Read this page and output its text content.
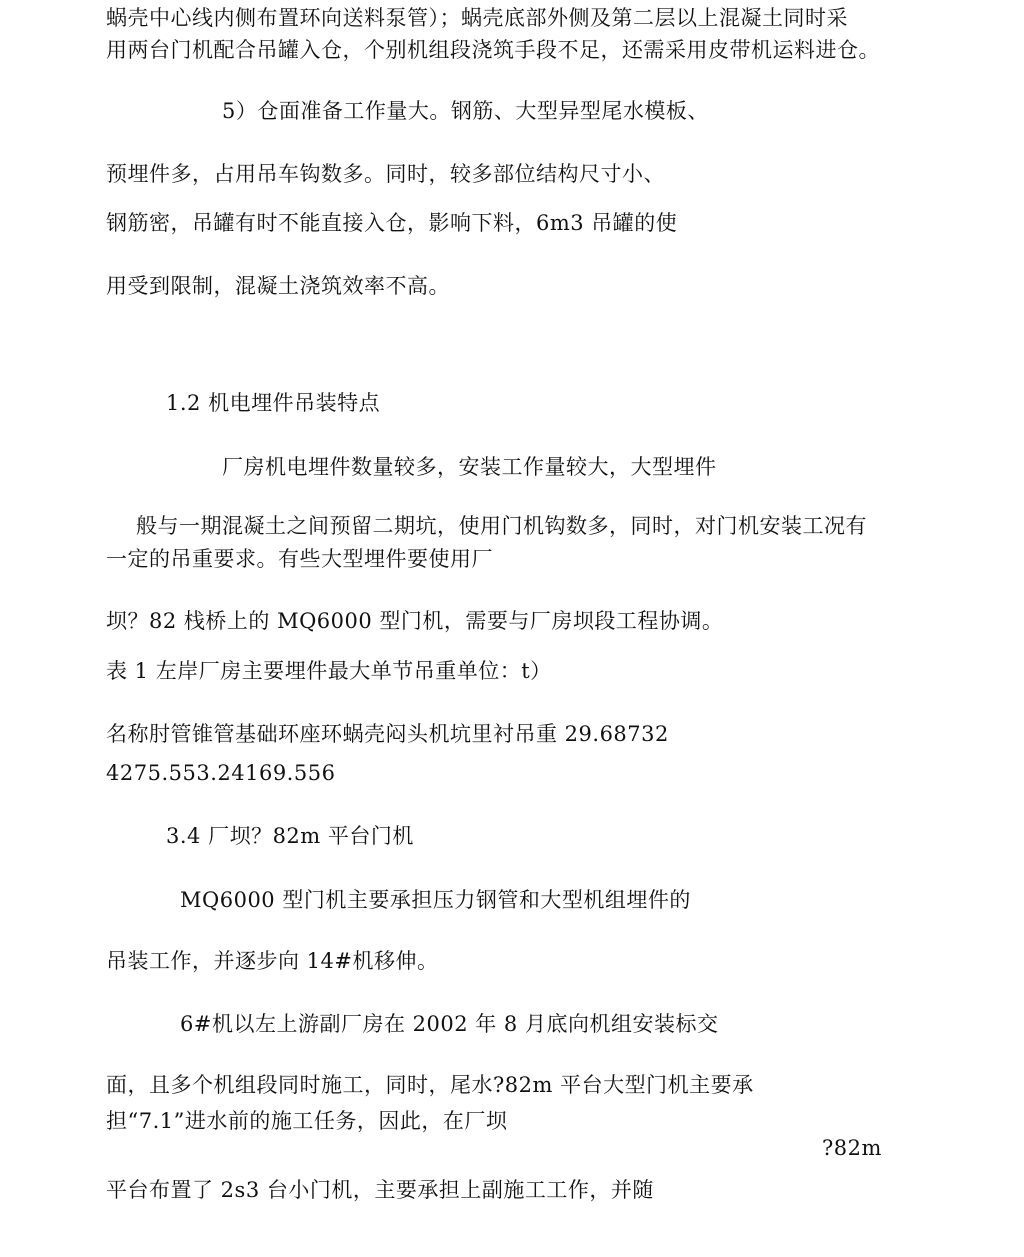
蜗壳中心线内侧布置环向送料泵管）；蜗壳底部外侧及第二层以上混凝土同时采
用两台门机配合吊罐入仓，个别机组段浇筑手段不足，还需采用皮带机运料进仓。
5）仓面准备工作量大。钢筋、大型异型尾水模板、
预埋件多，占用吊车钩数多。同时，较多部位结构尺寸小、
钢筋密，吊罐有时不能直接入仓，影响下料，6m3 吊罐的使
用受到限制，混凝土浇筑效率不高。
1.2 机电埋件吊装特点
厂房机电埋件数量较多，安装工作量较大，大型埋件
般与一期混凝土之间预留二期坑，使用门机钩数多，同时，对门机安装工况有
一定的吊重要求。有些大型埋件要使用厂
坝？82 栈桥上的 MQ6000 型门机，需要与厂房坝段工程协调。
表 1 左岸厂房主要埋件最大单节吊重单位：t）
名称肘管锥管基础环座环蜗壳闷头机坑里衬吊重 29.68732
4275.553.24169.556
3.4 厂坝？82m 平台门机
MQ6000 型门机主要承担压力钢管和大型机组埋件的
吊装工作，并逐步向 14#机移伸。
6#机以左上游副厂房在 2002 年 8 月底向机组安装标交
面，且多个机组段同时施工，同时，尾水?82m 平台大型门机主要承
担“7.1”进水前的施工任务，因此，在厂坝
?82m
平台布置了 2s3 台小门机，主要承担上副施工工作，并随
